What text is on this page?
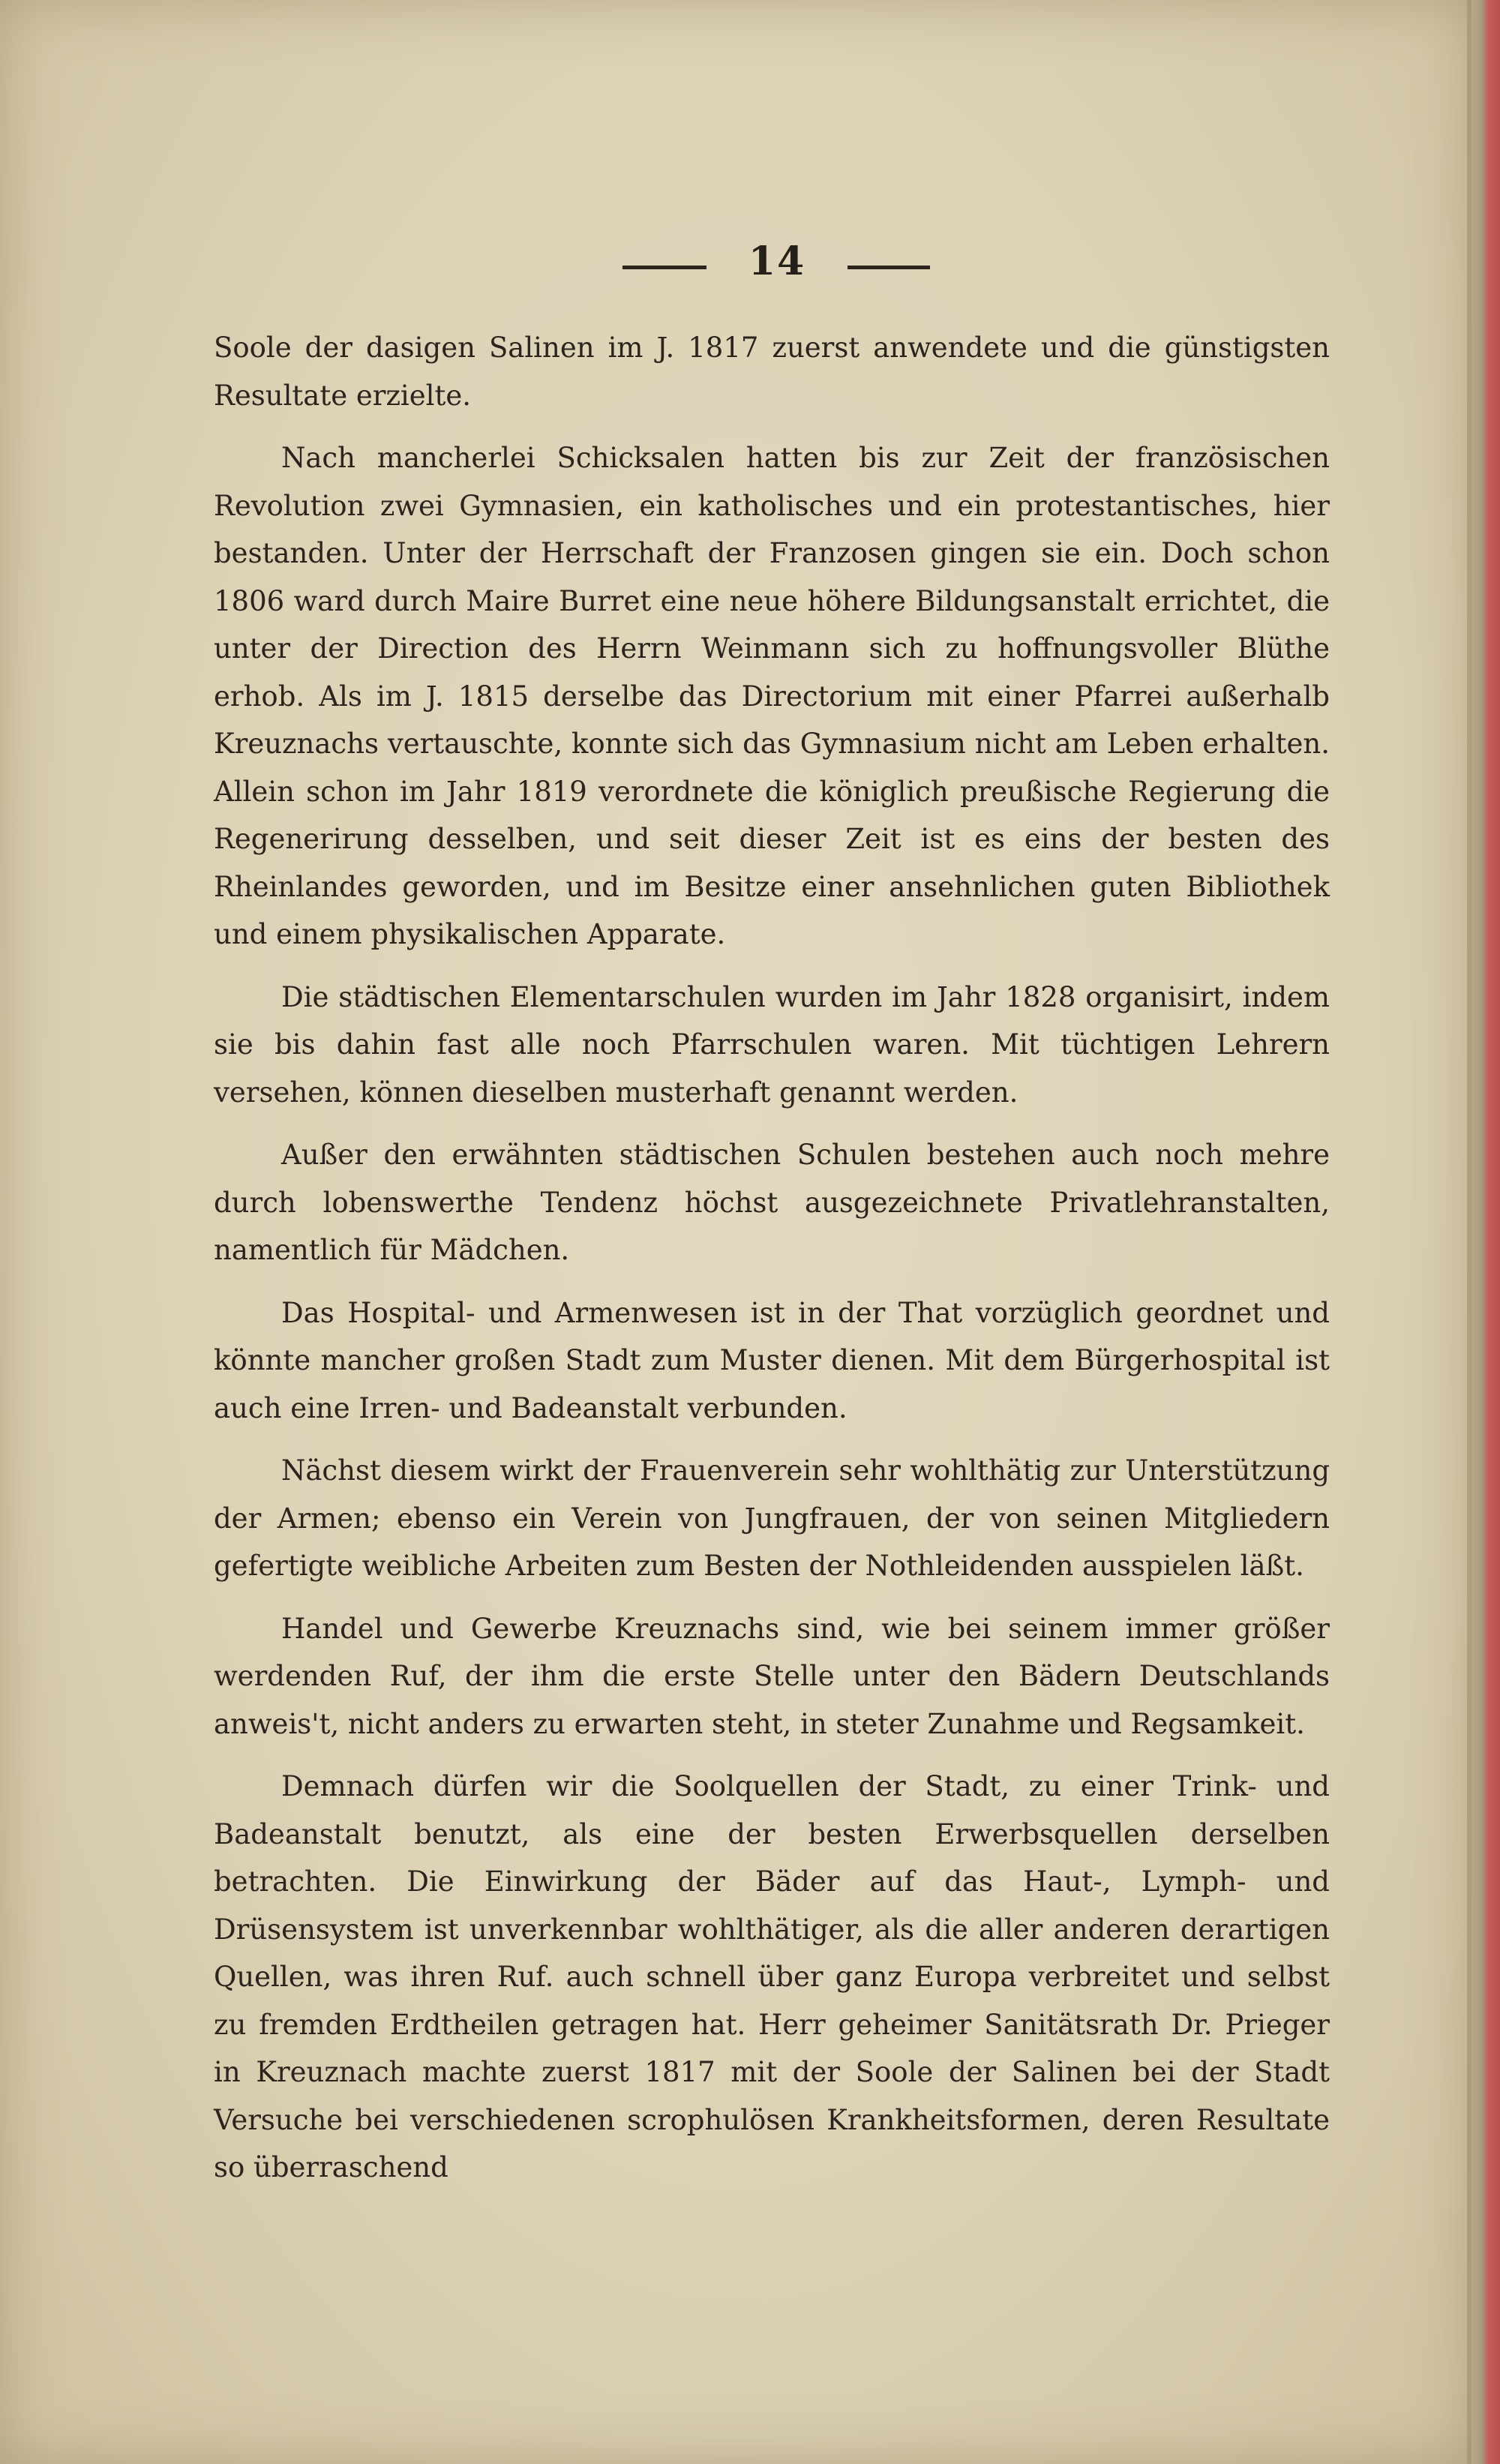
14

Soole der dasigen Salinen im J. 1817 zuerst anwendete und die günstigsten Resultate erzielte.

Nach mancherlei Schicksalen hatten bis zur Zeit der französischen Revolution zwei Gymnasien, ein katholisches und ein protestantisches, hier bestanden. Unter der Herrschaft der Franzosen gingen sie ein. Doch schon 1806 ward durch Maire Burret eine neue höhere Bildungsanstalt errichtet, die unter der Direction des Herrn Weinmann sich zu hoffnungsvoller Blüthe erhob. Als im J. 1815 derselbe das Directorium mit einer Pfarrei außerhalb Kreuznachs vertauschte, konnte sich das Gymnasium nicht am Leben erhalten. Allein schon im Jahr 1819 verordnete die königlich preußische Regierung die Regenerirung desselben, und seit dieser Zeit ist es eins der besten des Rheinlandes geworden, und im Besitze einer ansehnlichen guten Bibliothek und einem physikalischen Apparate.

Die städtischen Elementarschulen wurden im Jahr 1828 organisirt, indem sie bis dahin fast alle noch Pfarrschulen waren. Mit tüchtigen Lehrern versehen, können dieselben musterhaft genannt werden.

Außer den erwähnten städtischen Schulen bestehen auch noch mehre durch lobenswerthe Tendenz höchst ausgezeichnete Privatlehranstalten, namentlich für Mädchen.

Das Hospital- und Armenwesen ist in der That vorzüglich geordnet und könnte mancher großen Stadt zum Muster dienen. Mit dem Bürgerhospital ist auch eine Irren- und Badeanstalt verbunden.

Nächst diesem wirkt der Frauenverein sehr wohlthätig zur Unterstützung der Armen; ebenso ein Verein von Jungfrauen, der von seinen Mitgliedern gefertigte weibliche Arbeiten zum Besten der Nothleidenden ausspielen läßt.

Handel und Gewerbe Kreuznachs sind, wie bei seinem immer größer werdenden Ruf, der ihm die erste Stelle unter den Bädern Deutschlands anweis't, nicht anders zu erwarten steht, in steter Zunahme und Regsamkeit.

Demnach dürfen wir die Soolquellen der Stadt, zu einer Trink- und Badeanstalt benutzt, als eine der besten Erwerbsquellen derselben betrachten. Die Einwirkung der Bäder auf das Haut-, Lymph- und Drüsensystem ist unverkennbar wohlthätiger, als die aller anderen derartigen Quellen, was ihren Ruf. auch schnell über ganz Europa verbreitet und selbst zu fremden Erdtheilen getragen hat. Herr geheimer Sanitätsrath Dr. Prieger in Kreuznach machte zuerst 1817 mit der Soole der Salinen bei der Stadt Versuche bei verschiedenen scrophulösen Krankheitsformen, deren Resultate so überraschend
